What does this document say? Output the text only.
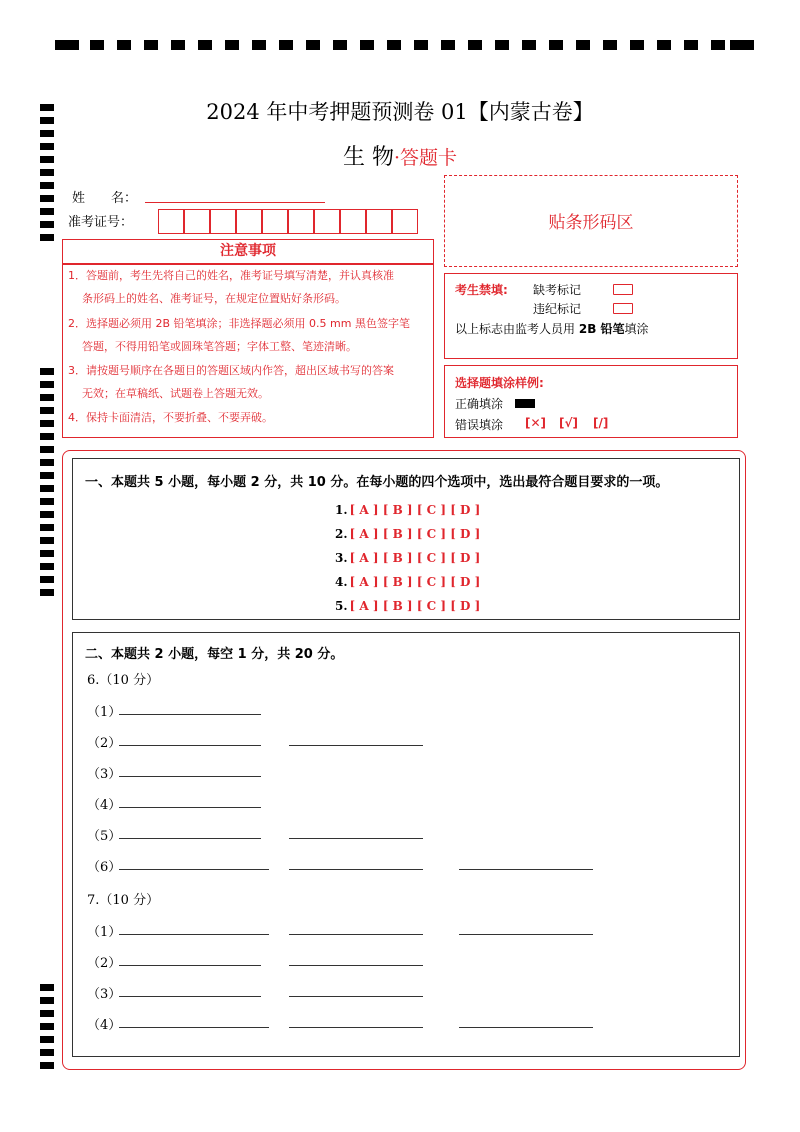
2024 年中考押题预测卷 01【内蒙古卷】
生 物·答题卡
姓　　名：
准考证号：	贴条形码区
注意事项
1．答题前，考生先将自己的姓名，准考证号填写清楚，并认真核准
条形码上的姓名、准考证号，在规定位置贴好条形码。
2．选择题必须用 2B 铅笔填涂；非选择题必须用 0.5 mm 黑色签字笔
答题，不得用铅笔或圆珠笔答题；字体工整、笔迹清晰。
3．请按题号顺序在各题目的答题区域内作答，超出区域书写的答案
无效；在草稿纸、试题卷上答题无效。
4．保持卡面清洁，不要折叠、不要弄破。
考生禁填: 缺考标记
违纪标记
以上标志由监考人员用 2B 铅笔填涂
选择题填涂样例:
正确填涂
错误填涂 [✕] [√] [/]
一、本题共 5 小题，每小题 2 分，共 10 分。在每小题的四个选项中，选出最符合题目要求的一项。
1. [ A ] [ B ] [ C ] [ D ]
2. [ A ] [ B ] [ C ] [ D ]
3. [ A ] [ B ] [ C ] [ D ]
4. [ A ] [ B ] [ C ] [ D ]
5. [ A ] [ B ] [ C ] [ D ]
二、本题共 2 小题，每空 1 分，共 20 分。
6.（10 分）
（1）
（2）
（3）
（4）
（5）
（6）
7.（10 分）
（1）
（2）
（3）
（4）
